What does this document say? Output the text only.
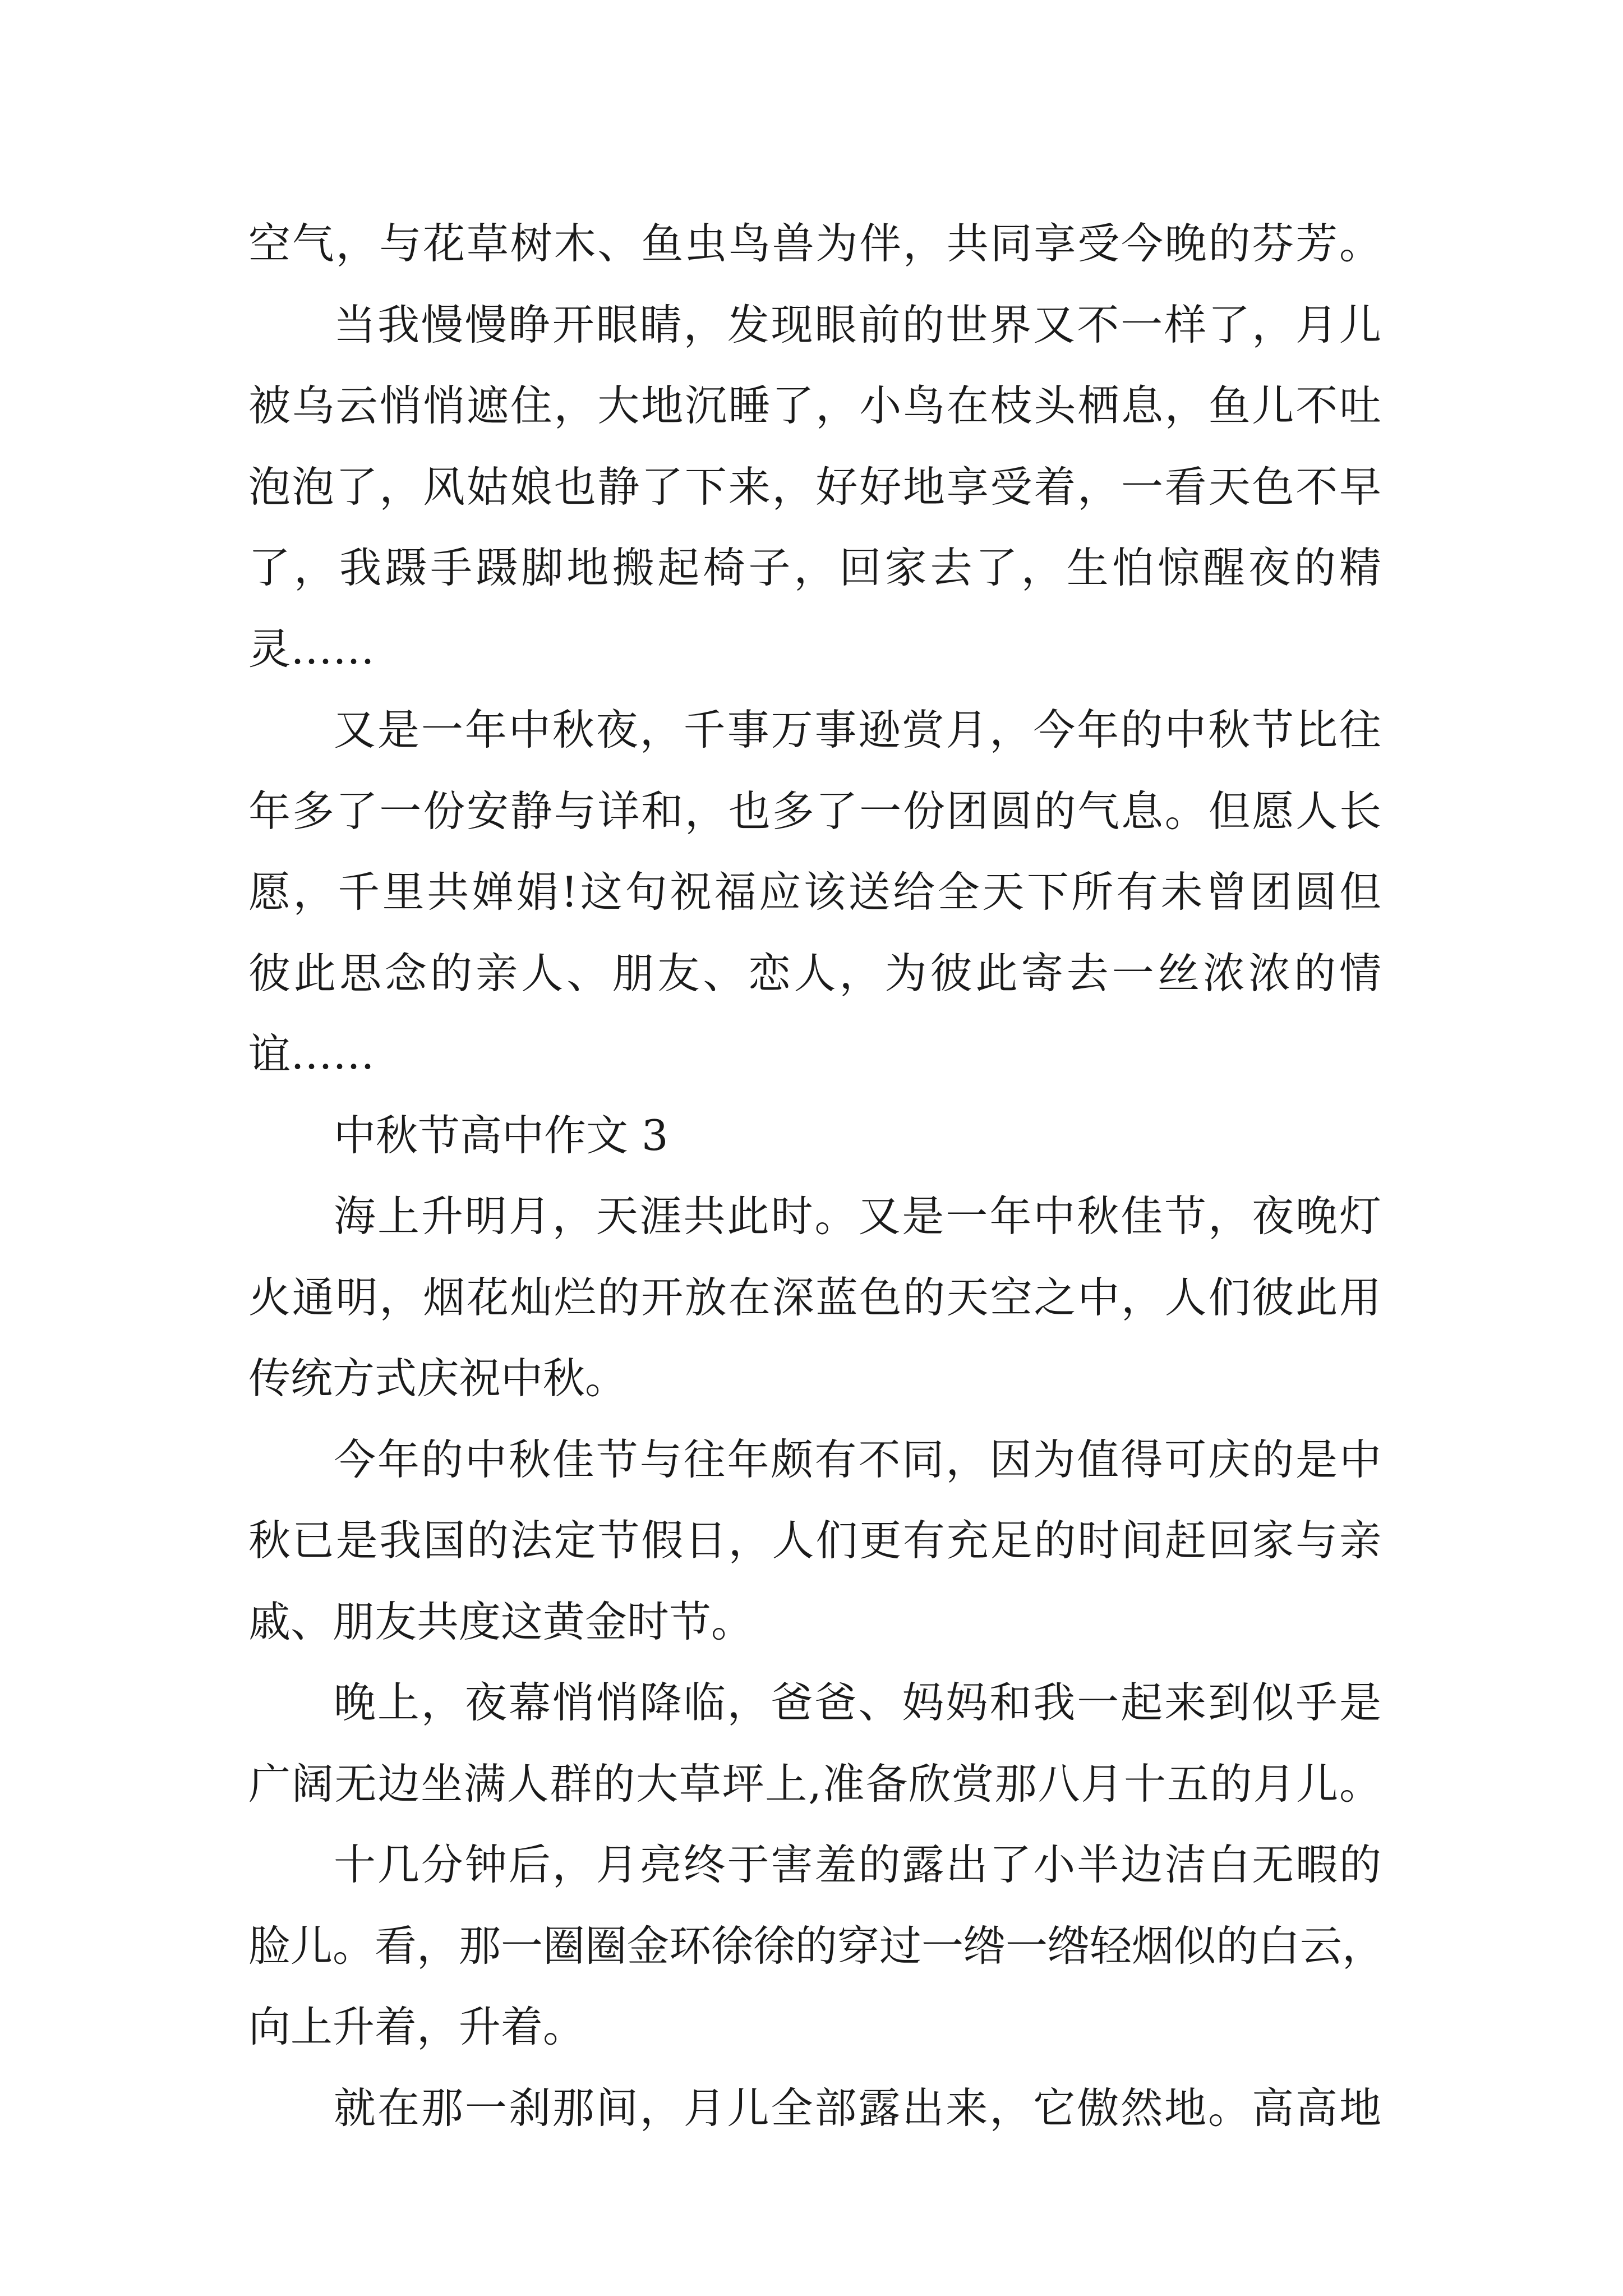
空气，与花草树木、鱼虫鸟兽为伴，共同享受今晚的芬芳。
当我慢慢睁开眼睛，发现眼前的世界又不一样了，月儿
被乌云悄悄遮住，大地沉睡了，小鸟在枝头栖息，鱼儿不吐
泡泡了，风姑娘也静了下来，好好地享受着，一看天色不早
了，我蹑手蹑脚地搬起椅子，回家去了，生怕惊醒夜的精
灵……
又是一年中秋夜，千事万事逊赏月，今年的中秋节比往
年多了一份安静与详和，也多了一份团圆的气息。但愿人长
愿，千里共婵娟!这句祝福应该送给全天下所有未曾团圆但
彼此思念的亲人、朋友、恋人，为彼此寄去一丝浓浓的情
谊……
中秋节高中作文 3
海上升明月，天涯共此时。又是一年中秋佳节，夜晚灯
火通明，烟花灿烂的开放在深蓝色的天空之中，人们彼此用
传统方式庆祝中秋。
今年的中秋佳节与往年颇有不同，因为值得可庆的是中
秋已是我国的法定节假日，人们更有充足的时间赶回家与亲
戚、朋友共度这黄金时节。
晚上，夜幕悄悄降临，爸爸、妈妈和我一起来到似乎是
广阔无边坐满人群的大草坪上,准备欣赏那八月十五的月儿。
十几分钟后，月亮终于害羞的露出了小半边洁白无暇的
脸儿。看，那一圈圈金环徐徐的穿过一绺一绺轻烟似的白云，
向上升着，升着。
就在那一刹那间，月儿全部露出来，它傲然地。高高地
